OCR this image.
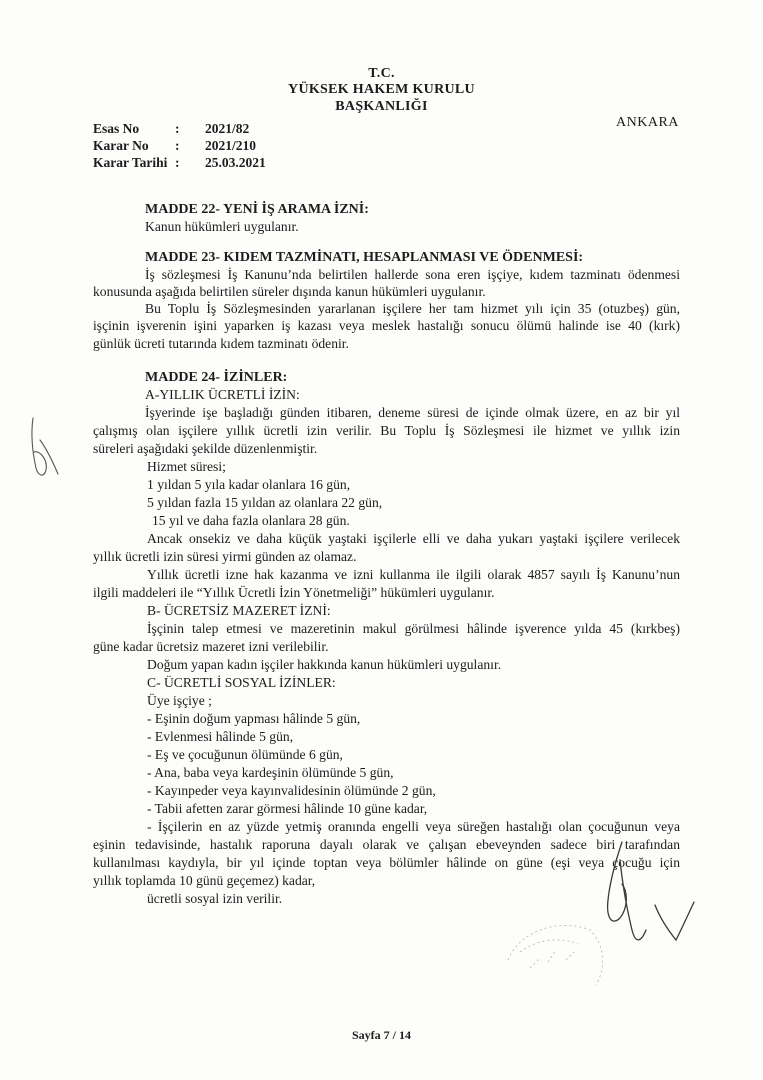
T.C.
YÜKSEK HAKEM KURULU
BAŞKANLIĞI
ANKARA
Esas No	: 2021/82
Karar No : 2021/210
Karar Tarihi : 25.03.2021
MADDE 22- YENİ İŞ ARAMA İZNİ:
Kanun hükümleri uygulanır.
MADDE 23- KIDEM TAZMİNATI, HESAPLANMASI VE ÖDENMESİ:
İş sözleşmesi İş Kanunu’nda belirtilen hallerde sona eren işçiye, kıdem tazminatı ödenmesi
konusunda aşağıda belirtilen süreler dışında kanun hükümleri uygulanır.
Bu Toplu İş Sözleşmesinden yararlanan işçilere her tam hizmet yılı için 35 (otuzbeş) gün,
işçinin işverenin işini yaparken iş kazası veya meslek hastalığı sonucu ölümü halinde ise 40 (kırk)
günlük ücreti tutarında kıdem tazminatı ödenir.
MADDE 24- İZİNLER:
A-YILLIK ÜCRETLİ İZİN:
İşyerinde işe başladığı günden itibaren, deneme süresi de içinde olmak üzere, en az bir yıl
çalışmış olan işçilere yıllık ücretli izin verilir. Bu Toplu İş Sözleşmesi ile hizmet ve yıllık izin
süreleri aşağıdaki şekilde düzenlenmiştir.
Hizmet süresi;
1 yıldan 5 yıla kadar olanlara 16 gün,
5 yıldan fazla 15 yıldan az olanlara 22 gün,
15 yıl ve daha fazla olanlara 28 gün.
Ancak onsekiz ve daha küçük yaştaki işçilerle elli ve daha yukarı yaştaki işçilere verilecek
yıllık ücretli izin süresi yirmi günden az olamaz.
Yıllık ücretli izne hak kazanma ve izni kullanma ile ilgili olarak 4857 sayılı İş Kanunu’nun
ilgili maddeleri ile “Yıllık Ücretli İzin Yönetmeliği” hükümleri uygulanır.
B- ÜCRETSİZ MAZERET İZNİ:
İşçinin talep etmesi ve mazeretinin makul görülmesi hâlinde işverence yılda 45 (kırkbeş)
güne kadar ücretsiz mazeret izni verilebilir.
Doğum yapan kadın işçiler hakkında kanun hükümleri uygulanır.
C- ÜCRETLİ SOSYAL İZİNLER:
Üye işçiye ;
- Eşinin doğum yapması hâlinde 5 gün,
- Evlenmesi hâlinde 5 gün,
- Eş ve çocuğunun ölümünde 6 gün,
- Ana, baba veya kardeşinin ölümünde 5 gün,
- Kayınpeder veya kayınvalidesinin ölümünde 2 gün,
- Tabii afetten zarar görmesi hâlinde 10 güne kadar,
- İşçilerin en az yüzde yetmiş oranında engelli veya süreğen hastalığı olan çocuğunun veya
eşinin tedavisinde, hastalık raporuna dayalı olarak ve çalışan ebeveynden sadece biri tarafından
kullanılması kaydıyla, bir yıl içinde toptan veya bölümler hâlinde on güne (eşi veya çocuğu için
yıllık toplamda 10 günü geçemez) kadar,
ücretli sosyal izin verilir.
Sayfa 7 / 14
